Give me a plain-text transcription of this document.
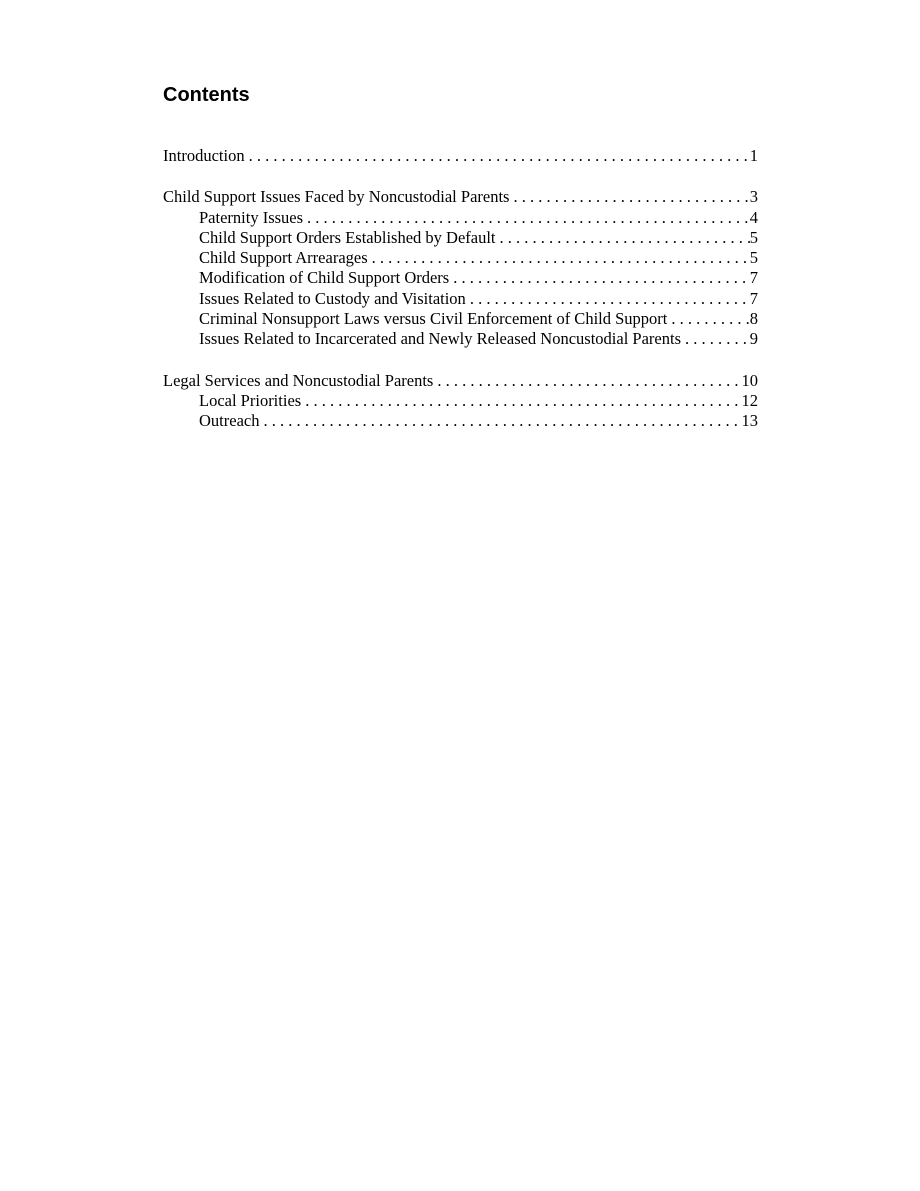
Contents
Introduction . . .	1
Child Support Issues Faced by Noncustodial Parents . . .	3
Paternity Issues . . .	4
Child Support Orders Established by Default . . .	5
Child Support Arrearages . . .	5
Modification of Child Support Orders . . .	7
Issues Related to Custody and Visitation . . .	7
Criminal Nonsupport Laws versus Civil Enforcement of Child Support . . .	8
Issues Related to Incarcerated and Newly Released Noncustodial Parents . . .	9
Legal Services and Noncustodial Parents . . .	10
Local Priorities . . .	12
Outreach . . .	13
